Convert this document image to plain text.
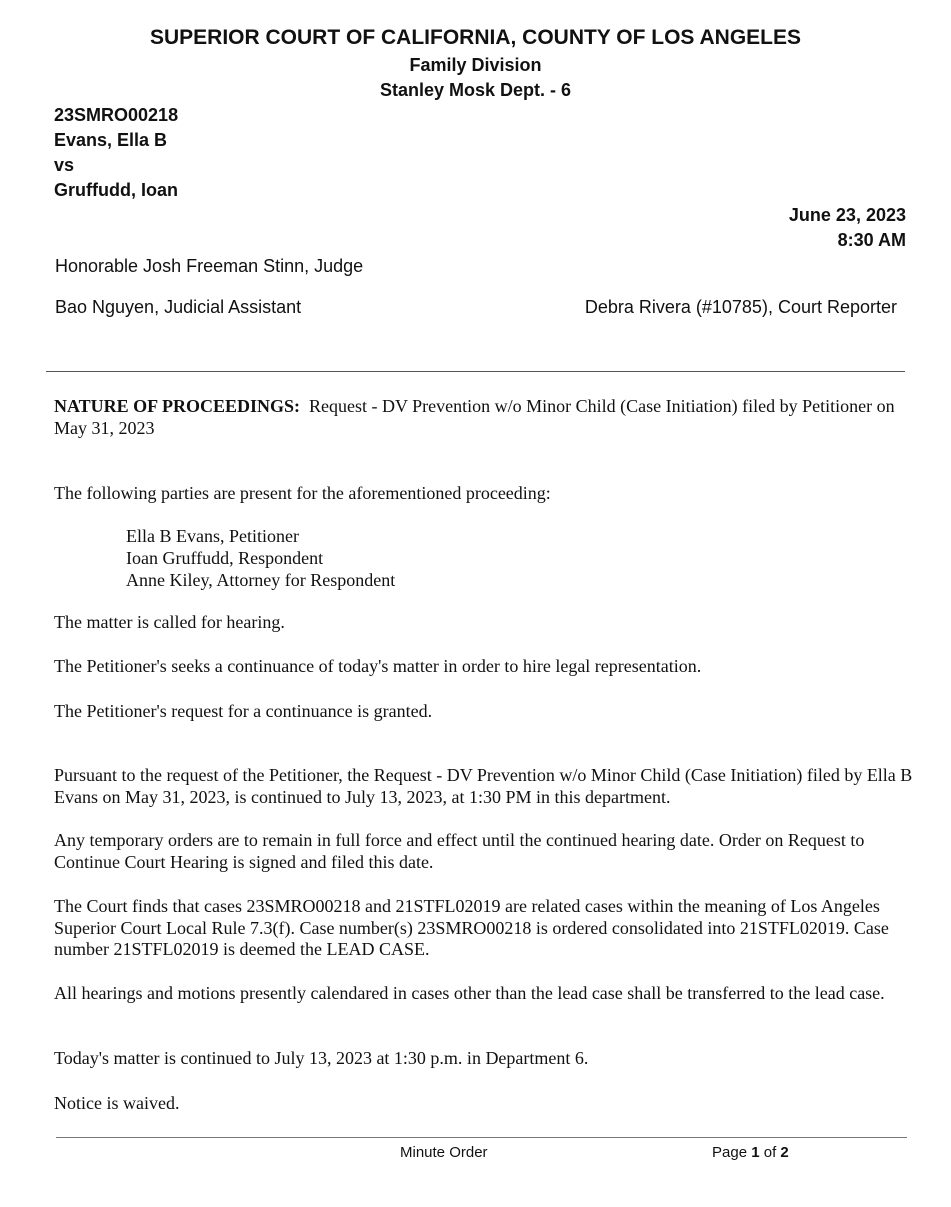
SUPERIOR COURT OF CALIFORNIA, COUNTY OF LOS ANGELES
Family Division
Stanley Mosk Dept. - 6
23SMRO00218
Evans, Ella B
vs
Gruffudd, Ioan
June 23, 2023
8:30 AM
Honorable Josh Freeman Stinn, Judge
Bao Nguyen, Judicial Assistant	Debra Rivera (#10785), Court Reporter
NATURE OF PROCEEDINGS: Request - DV Prevention w/o Minor Child (Case Initiation) filed by Petitioner on May 31, 2023
The following parties are present for the aforementioned proceeding:
Ella B Evans, Petitioner
Ioan Gruffudd, Respondent
Anne Kiley, Attorney for Respondent
The matter is called for hearing.
The Petitioner's seeks a continuance of today's matter in order to hire legal representation.
The Petitioner's request for a continuance is granted.
Pursuant to the request of the Petitioner, the Request - DV Prevention w/o Minor Child (Case Initiation) filed by Ella B Evans on May 31, 2023, is continued to July 13, 2023, at 1:30 PM in this department.
Any temporary orders are to remain in full force and effect until the continued hearing date. Order on Request to Continue Court Hearing is signed and filed this date.
The Court finds that cases 23SMRO00218 and 21STFL02019 are related cases within the meaning of Los Angeles Superior Court Local Rule 7.3(f). Case number(s) 23SMRO00218 is ordered consolidated into 21STFL02019. Case number 21STFL02019 is deemed the LEAD CASE.
All hearings and motions presently calendared in cases other than the lead case shall be transferred to the lead case.
Today's matter is continued to July 13, 2023 at 1:30 p.m. in Department 6.
Notice is waived.
Minute Order	Page 1 of 2
